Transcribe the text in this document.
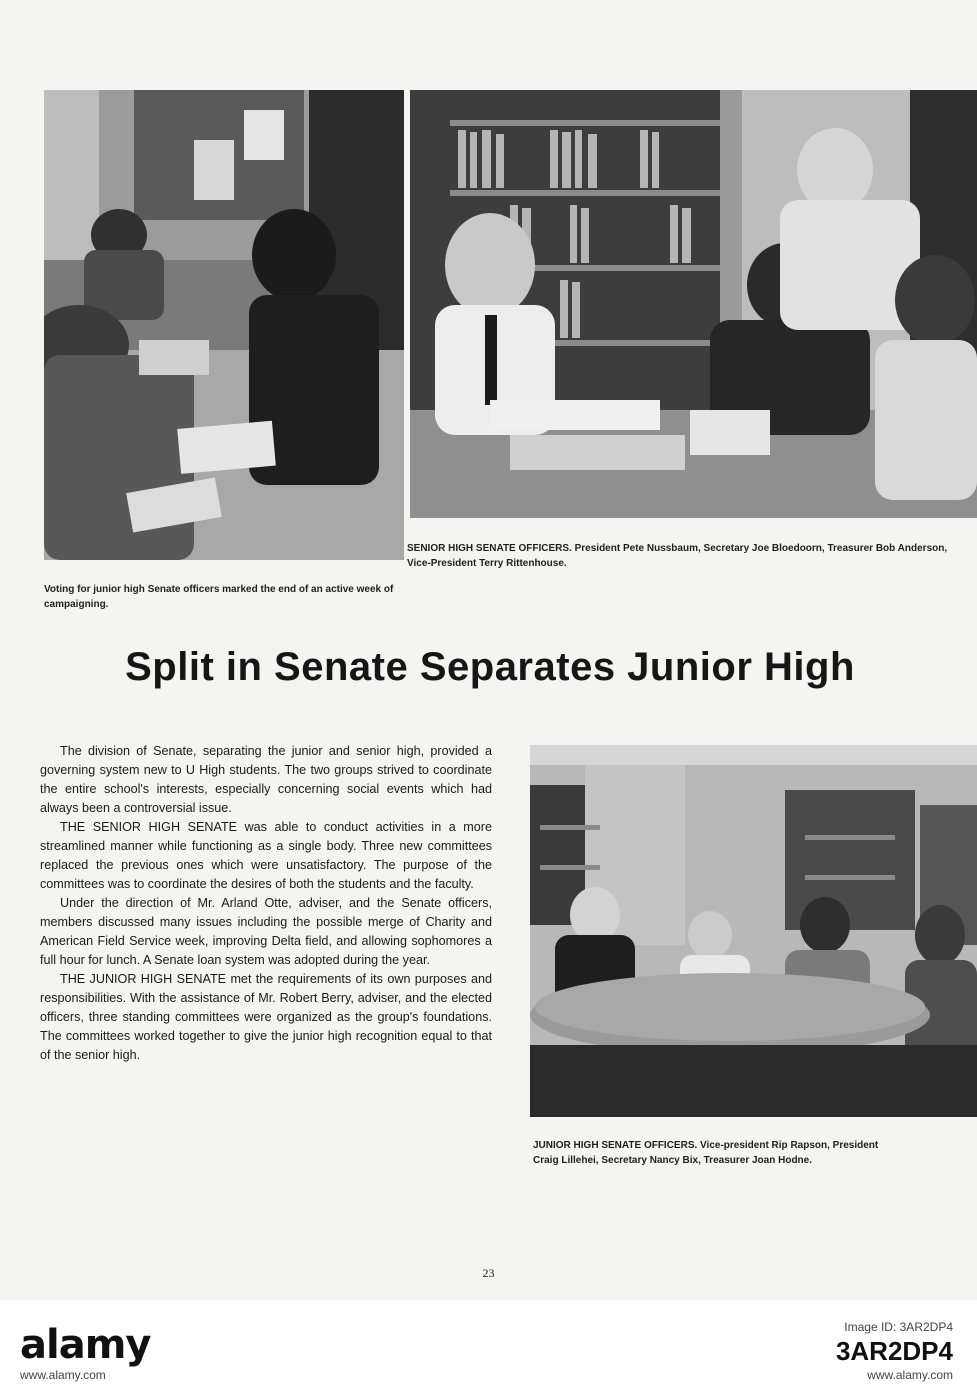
Voting for junior high Senate officers marked the end of an active week of campaigning.
SENIOR HIGH SENATE OFFICERS. President Pete Nussbaum, Secretary Joe Bloedoorn, Treasurer Bob Anderson, Vice-President Terry Rittenhouse.
Split in Senate Separates Junior High

The division of Senate, separating the junior and senior high, provided a governing system new to U High students. The two groups strived to coordinate the entire school's interests, especially concerning social events which had always been a controversial issue.

THE SENIOR HIGH SENATE was able to conduct activities in a more streamlined manner while functioning as a single body. Three new committees replaced the previous ones which were unsatisfactory. The purpose of the committees was to coordinate the desires of both the students and the faculty.

Under the direction of Mr. Arland Otte, adviser, and the Senate officers, members discussed many issues including the possible merge of Charity and American Field Service week, improving Delta field, and allowing sophomores a full hour for lunch. A Senate loan system was adopted during the year.

THE JUNIOR HIGH SENATE met the requirements of its own purposes and responsibilities. With the assistance of Mr. Robert Berry, adviser, and the elected officers, three standing committees were organized as the group's foundations. The committees worked together to give the junior high recognition equal to that of the senior high.

JUNIOR HIGH SENATE OFFICERS. Vice-president Rip Rapson, President Craig Lillehei, Secretary Nancy Bix, Treasurer Joan Hodne.
23
alamy	Image ID: 3AR2DP4
3AR2DP4
www.alamy.com	www.alamy.com
